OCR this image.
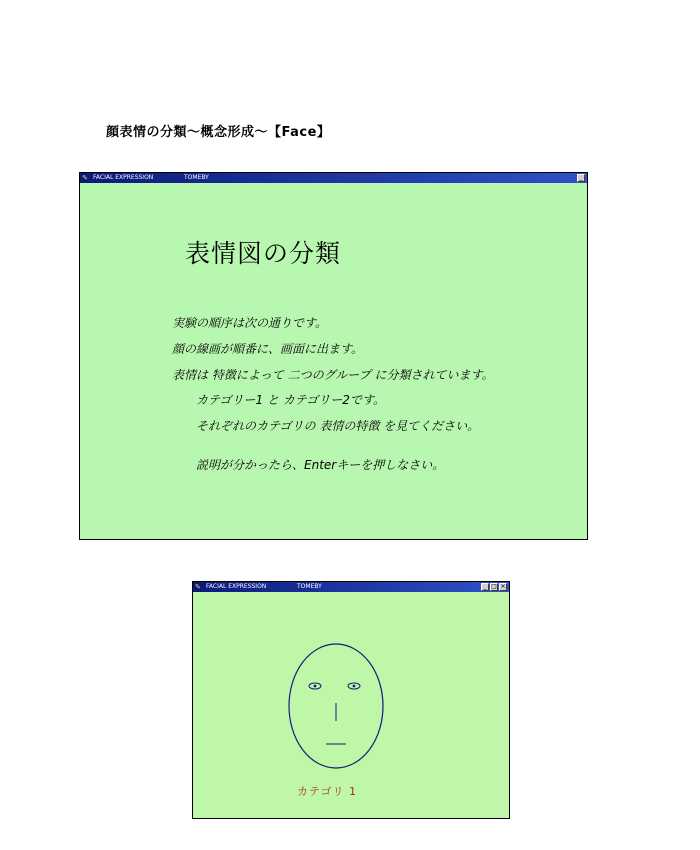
顔表情の分類〜概念形成〜【Face】
✎ FACIAL EXPRESSION	TOMEBY	_
表情図の分類
実験の順序は次の通りです。
顔の線画が順番に、画面に出ます。
表情は 特徴によって 二つのグループ に分類されています。
カテゴリー1 と カテゴリー2です。
それぞれのカテゴリの 表情の特徴 を見てください。
説明が分かったら、Enterキーを押しなさい。
✎ FACIAL EXPRESSION	TOMEBY	_ □ ×
カテゴリ 1
